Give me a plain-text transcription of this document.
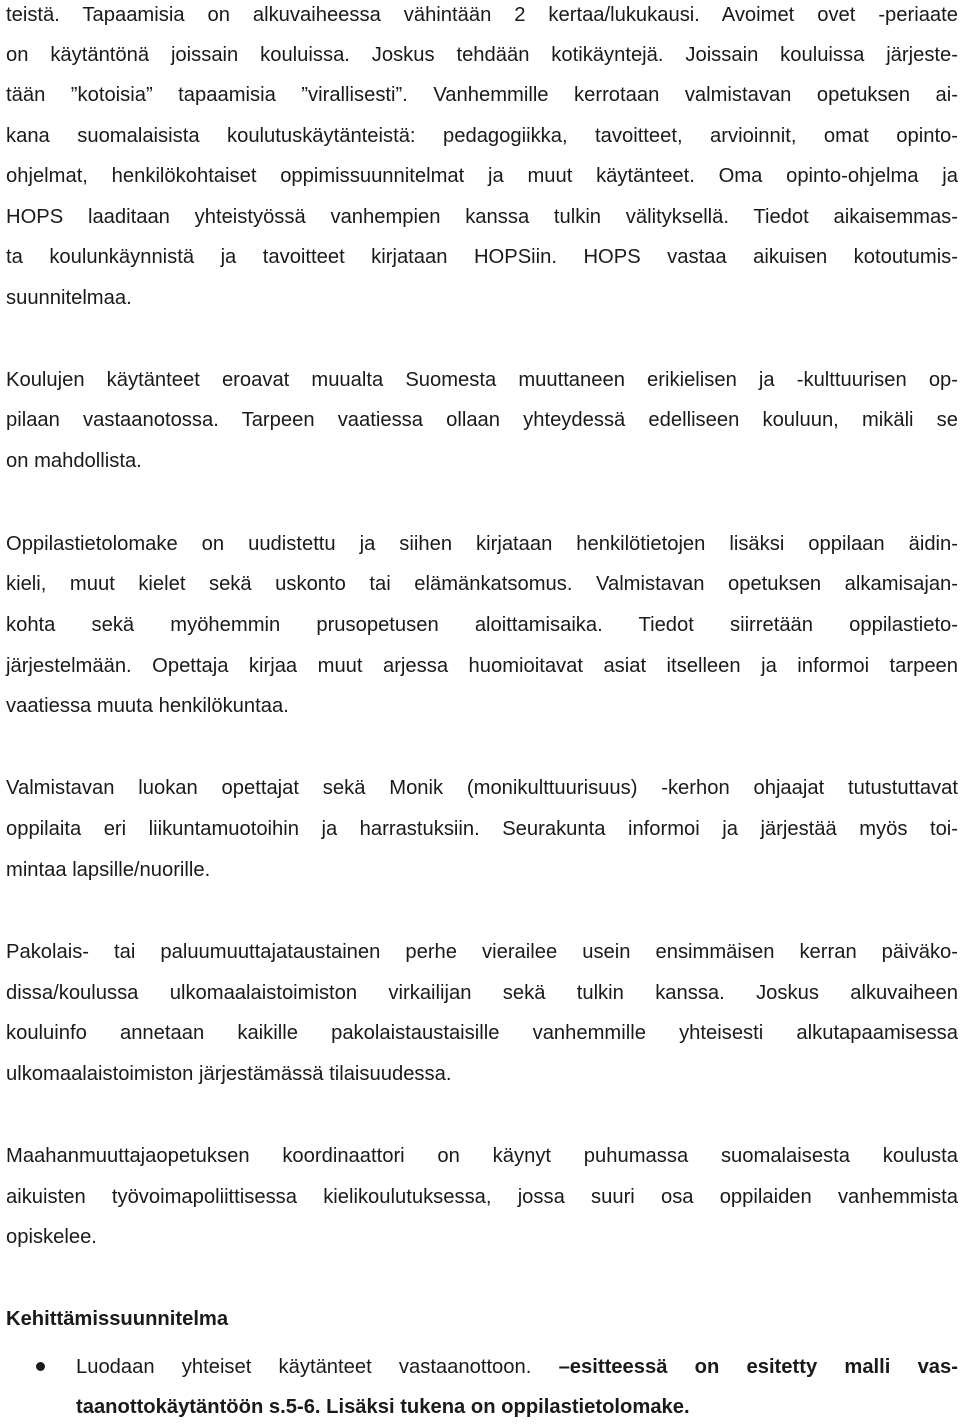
teistä. Tapaamisia on alkuvaiheessa vähintään 2 kertaa/lukukausi. Avoimet ovet -periaate
on käytäntönä joissain kouluissa. Joskus tehdään kotikäyntejä. Joissain kouluissa järjeste-
tään ”kotoisia” tapaamisia ”virallisesti”. Vanhemmille kerrotaan valmistavan opetuksen ai-
kana suomalaisista koulutuskäytänteistä: pedagogiikka, tavoitteet, arvioinnit, omat opinto-
ohjelmat, henkilökohtaiset oppimissuunnitelmat ja muut käytänteet. Oma opinto-ohjelma ja
HOPS laaditaan yhteistyössä vanhempien kanssa tulkin välityksellä. Tiedot aikaisemmas-
ta koulunkäynnistä ja tavoitteet kirjataan HOPSiin. HOPS vastaa aikuisen kotoutumis-
suunnitelmaa.
Koulujen käytänteet eroavat muualta Suomesta muuttaneen erikielisen ja -kulttuurisen op-
pilaan vastaanotossa. Tarpeen vaatiessa ollaan yhteydessä edelliseen kouluun, mikäli se
on mahdollista.
Oppilastietolomake on uudistettu ja siihen kirjataan henkilötietojen lisäksi oppilaan äidin-
kieli, muut kielet sekä uskonto tai elämänkatsomus. Valmistavan opetuksen alkamisajan-
kohta sekä myöhemmin prusopetusen aloittamisaika. Tiedot siirretään oppilastieto-
järjestelmään. Opettaja kirjaa muut arjessa huomioitavat asiat itselleen ja informoi tarpeen
vaatiessa muuta henkilökuntaa.
Valmistavan luokan opettajat sekä Monik (monikulttuurisuus) -kerhon ohjaajat tutustuttavat
oppilaita eri liikuntamuotoihin ja harrastuksiin. Seurakunta informoi ja järjestää myös toi-
mintaa lapsille/nuorille.
Pakolais- tai paluumuuttajataustainen perhe vierailee usein ensimmäisen kerran päiväko-
dissa/koulussa ulkomaalaistoimiston virkailijan sekä tulkin kanssa. Joskus alkuvaiheen
kouluinfo annetaan kaikille pakolaistaustaisille vanhemmille yhteisesti alkutapaamisessa
ulkomaalaistoimiston järjestämässä tilaisuudessa.
Maahanmuuttajaopetuksen koordinaattori on käynyt puhumassa suomalaisesta koulusta
aikuisten työvoimapoliittisessa kielikoulutuksessa, jossa suuri osa oppilaiden vanhemmista
opiskelee.
Kehittämissuunnitelma
Luodaan yhteiset käytänteet vastaanottoon. –esitteessä on esitetty malli vas-
taanottokäytäntöön s.5-6. Lisäksi tukena on oppilastietolomake.
